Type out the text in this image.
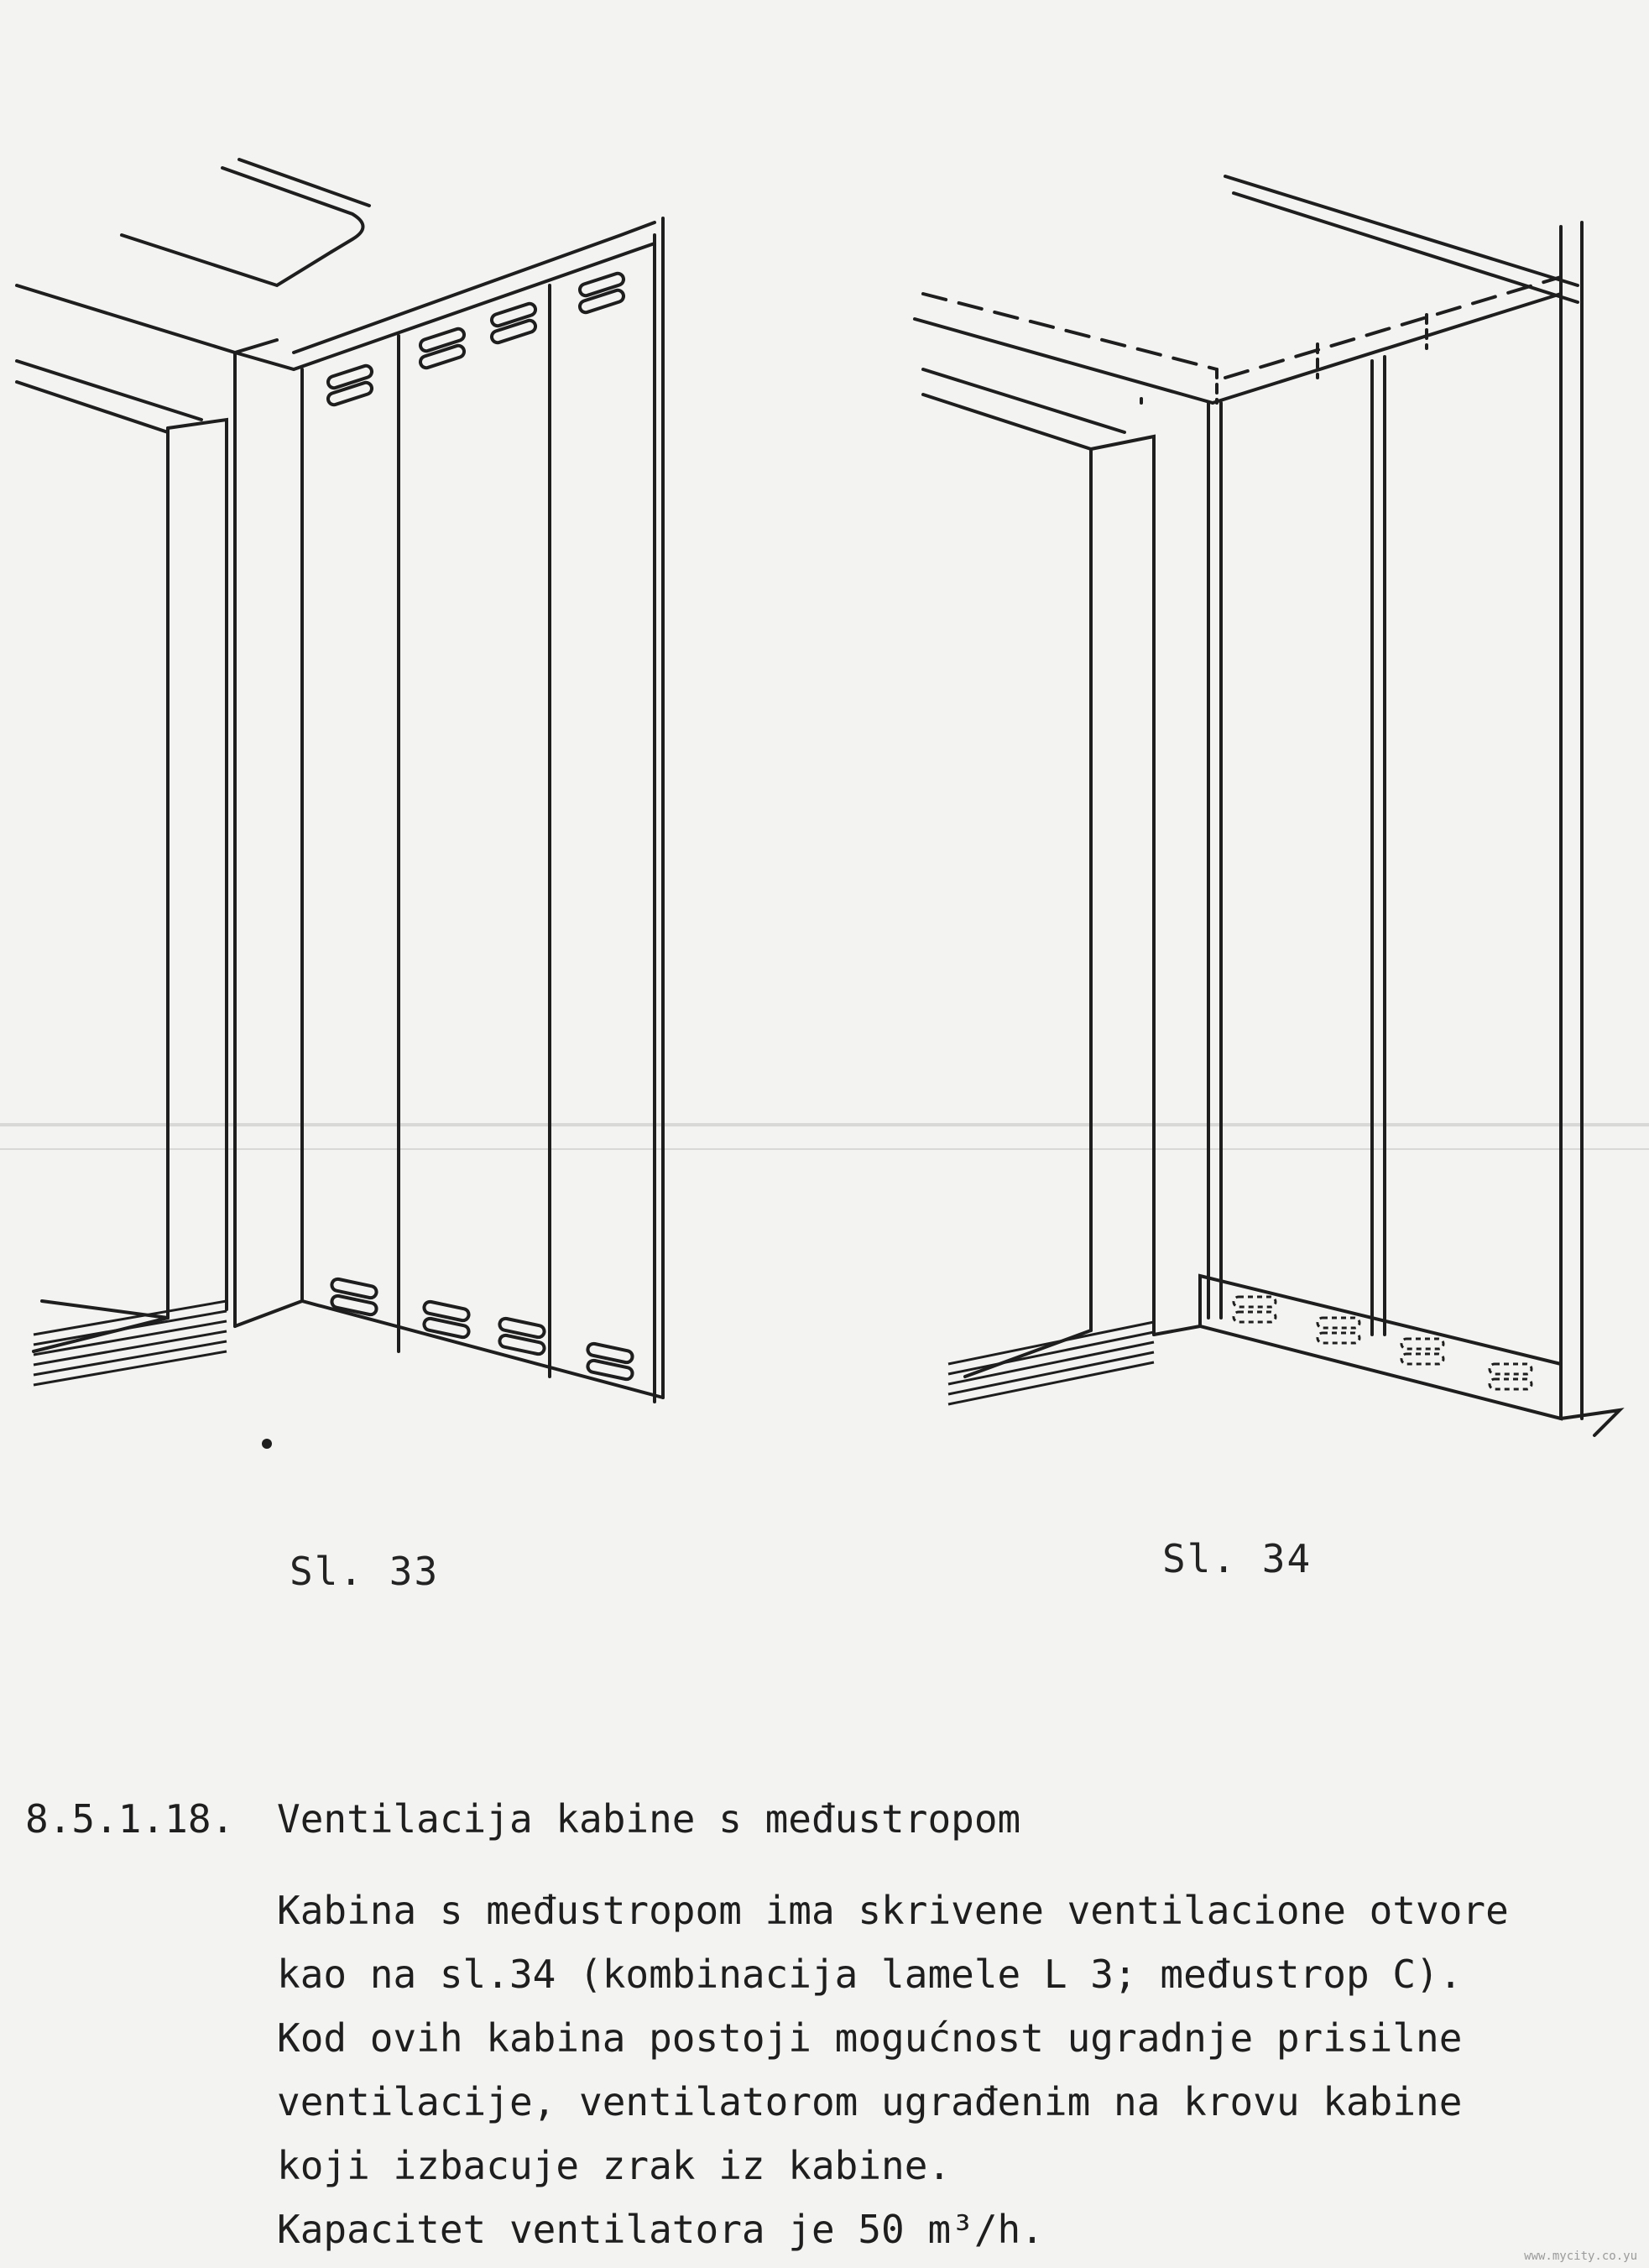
Sl. 33	Sl. 34
8.5.1.18. Ventilacija kabine s međustropom
Kabina s međustropom ima skrivene ventilacione otvore
kao na sl.34 (kombinacija lamele L 3; međustrop C).
Kod ovih kabina postoji mogućnost ugradnje prisilne
ventilacije, ventilatorom ugrađenim na krovu kabine
koji izbacuje zrak iz kabine.
Kapacitet ventilatora je 50 m³/h.
www.mycity.co.yu
